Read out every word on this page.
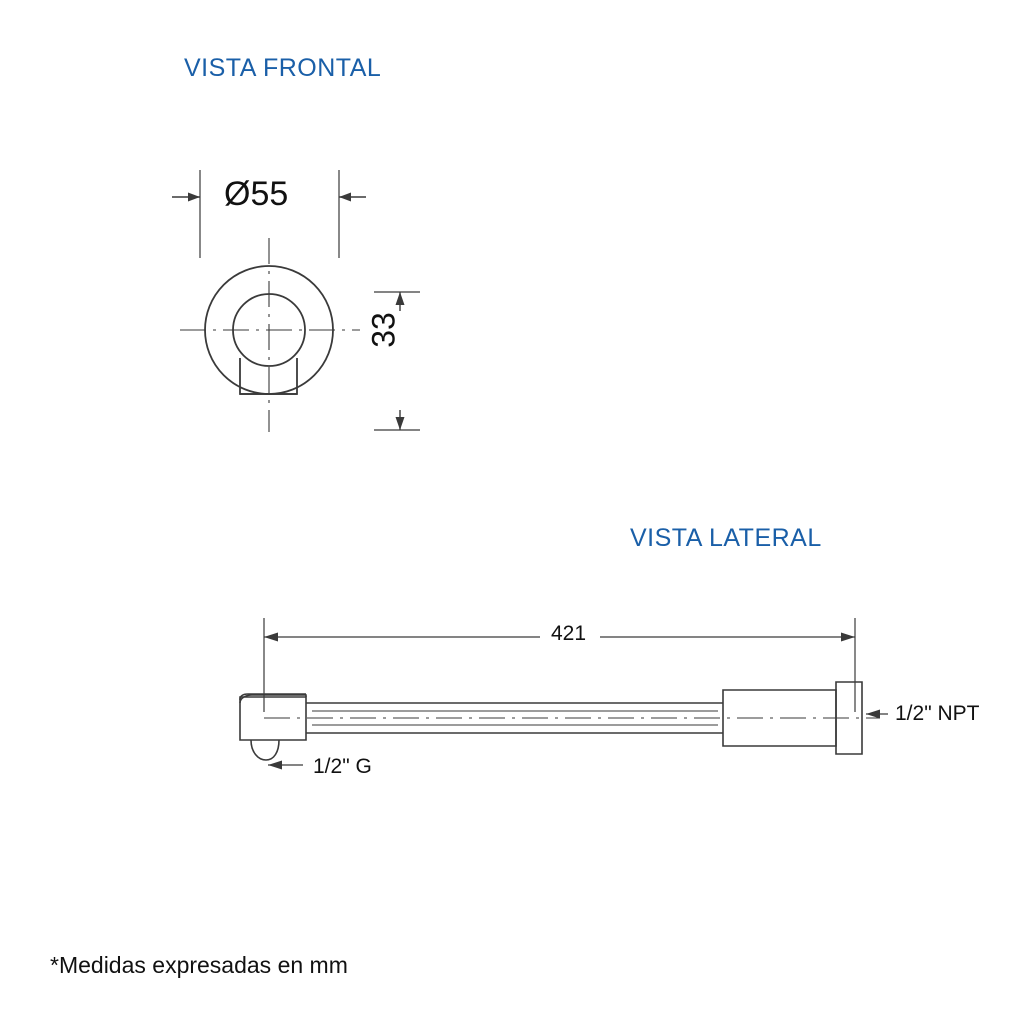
VISTA FRONTAL
VISTA LATERAL
Ø55
33
421
1/2" G
1/2" NPT
*Medidas expresadas en mm
